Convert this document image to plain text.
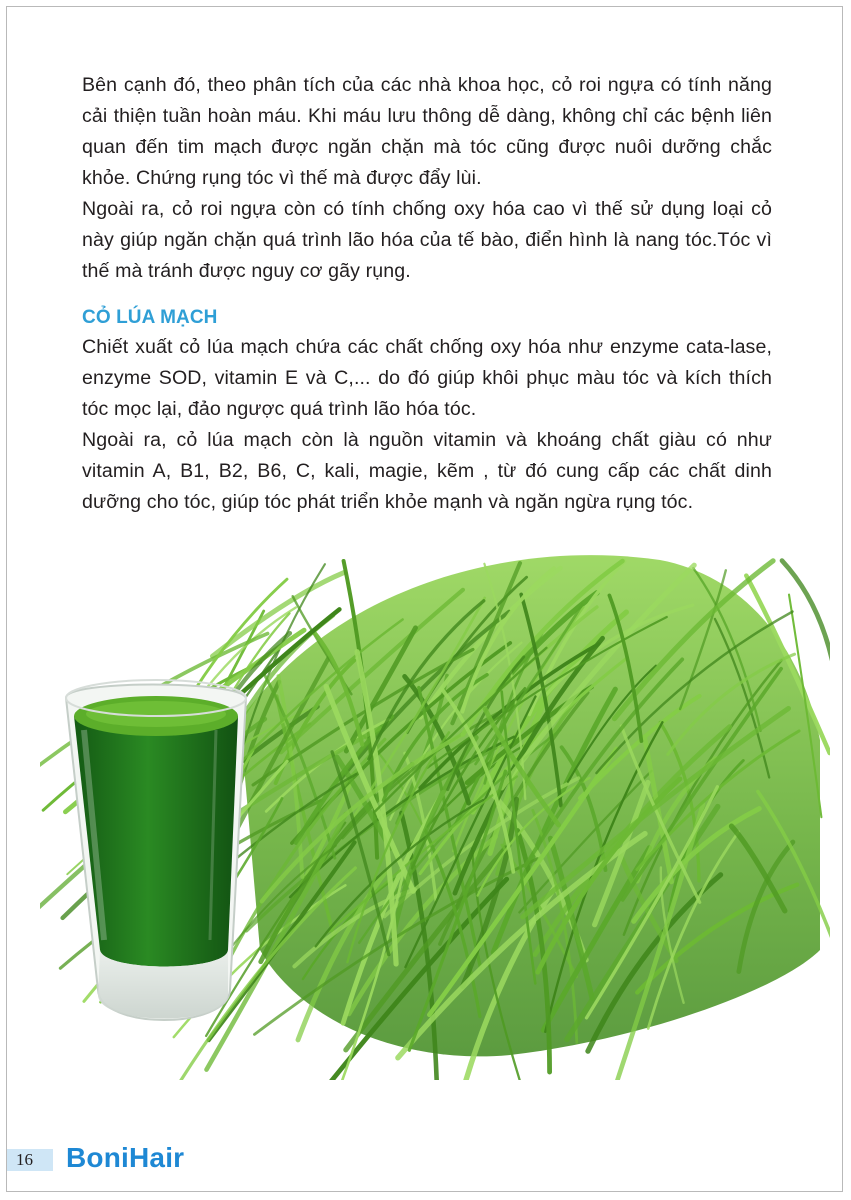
Bên cạnh đó, theo phân tích của các nhà khoa học, cỏ roi ngựa có tính năng cải thiện tuần hoàn máu. Khi máu lưu thông dễ dàng, không chỉ các bệnh liên quan đến tim mạch được ngăn chặn mà tóc cũng được nuôi dưỡng chắc khỏe. Chứng rụng tóc vì thế mà được đẩy lùi.

Ngoài ra, cỏ roi ngựa còn có tính chống oxy hóa cao vì thế sử dụng loại cỏ này giúp ngăn chặn quá trình lão hóa của tế bào, điển hình là nang tóc.Tóc vì thế mà tránh được nguy cơ gãy rụng.

CỎ LÚA MẠCH

Chiết xuất cỏ lúa mạch chứa các chất chống oxy hóa như enzyme cata-lase, enzyme SOD, vitamin E và C,... do đó giúp khôi phục màu tóc và kích thích tóc mọc lại, đảo ngược quá trình lão hóa tóc.

Ngoài ra, cỏ lúa mạch còn là nguồn vitamin và khoáng chất giàu có như vitamin A, B1, B2, B6, C, kali, magie, kẽm , từ đó cung cấp các chất dinh dưỡng cho tóc, giúp tóc phát triển khỏe mạnh và ngăn ngừa rụng tóc.

16	BoniHair
